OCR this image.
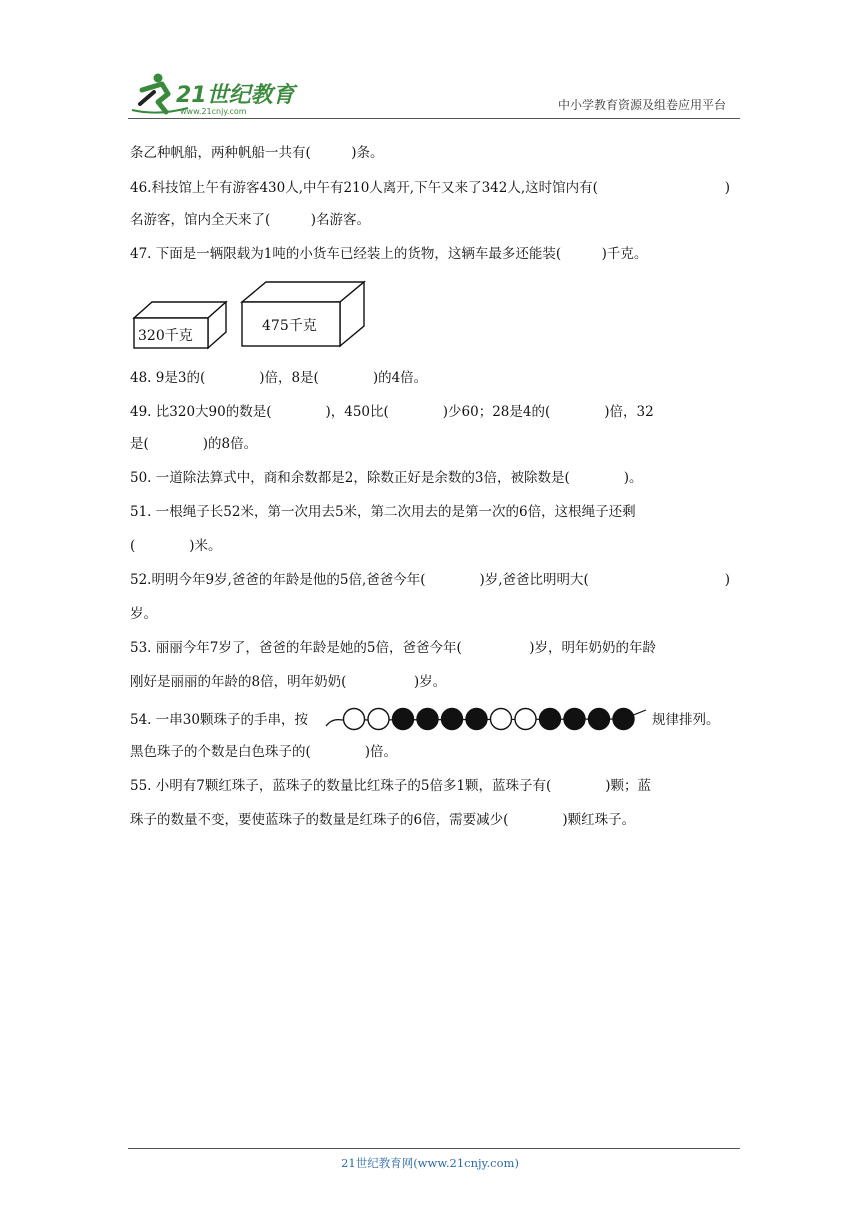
21世纪教育
www.21cnjy.com	中小学教育资源及组卷应用平台
条乙种帆船，两种帆船一共有(　　　)条。
46.科技馆上午有游客430人,中午有210人离开,下午又来了342人,这时馆内有(	)
名游客，馆内全天来了(　　　)名游客。
47. 下面是一辆限载为1吨的小货车已经装上的货物，这辆车最多还能装(　　　)千克。
320千克
475千克
48. 9是3的(　　　　)倍，8是(　　　　)的4倍。
49. 比320大90的数是(　　　　)，450比(　　　　)少60；28是4的(　　　　)倍，32
是(　　　　)的8倍。
50. 一道除法算式中，商和余数都是2，除数正好是余数的3倍，被除数是(　　　　)。
51. 一根绳子长52米，第一次用去5米，第二次用去的是第一次的6倍，这根绳子还剩
(　　　　)米。
52.明明今年9岁,爸爸的年龄是他的5倍,爸爸今年(　　　　)岁,爸爸比明明大(	)
岁。
53. 丽丽今年7岁了，爸爸的年龄是她的5倍，爸爸今年(　　　　　)岁，明年奶奶的年龄
刚好是丽丽的年龄的8倍，明年奶奶(　　　　　)岁。
54. 一串30颗珠子的手串，按	规律排列。
黑色珠子的个数是白色珠子的(　　　　)倍。
55. 小明有7颗红珠子，蓝珠子的数量比红珠子的5倍多1颗，蓝珠子有(　　　　)颗；蓝
珠子的数量不变，要使蓝珠子的数量是红珠子的6倍，需要减少(　　　　)颗红珠子。
21世纪教育网(www.21cnjy.com)
